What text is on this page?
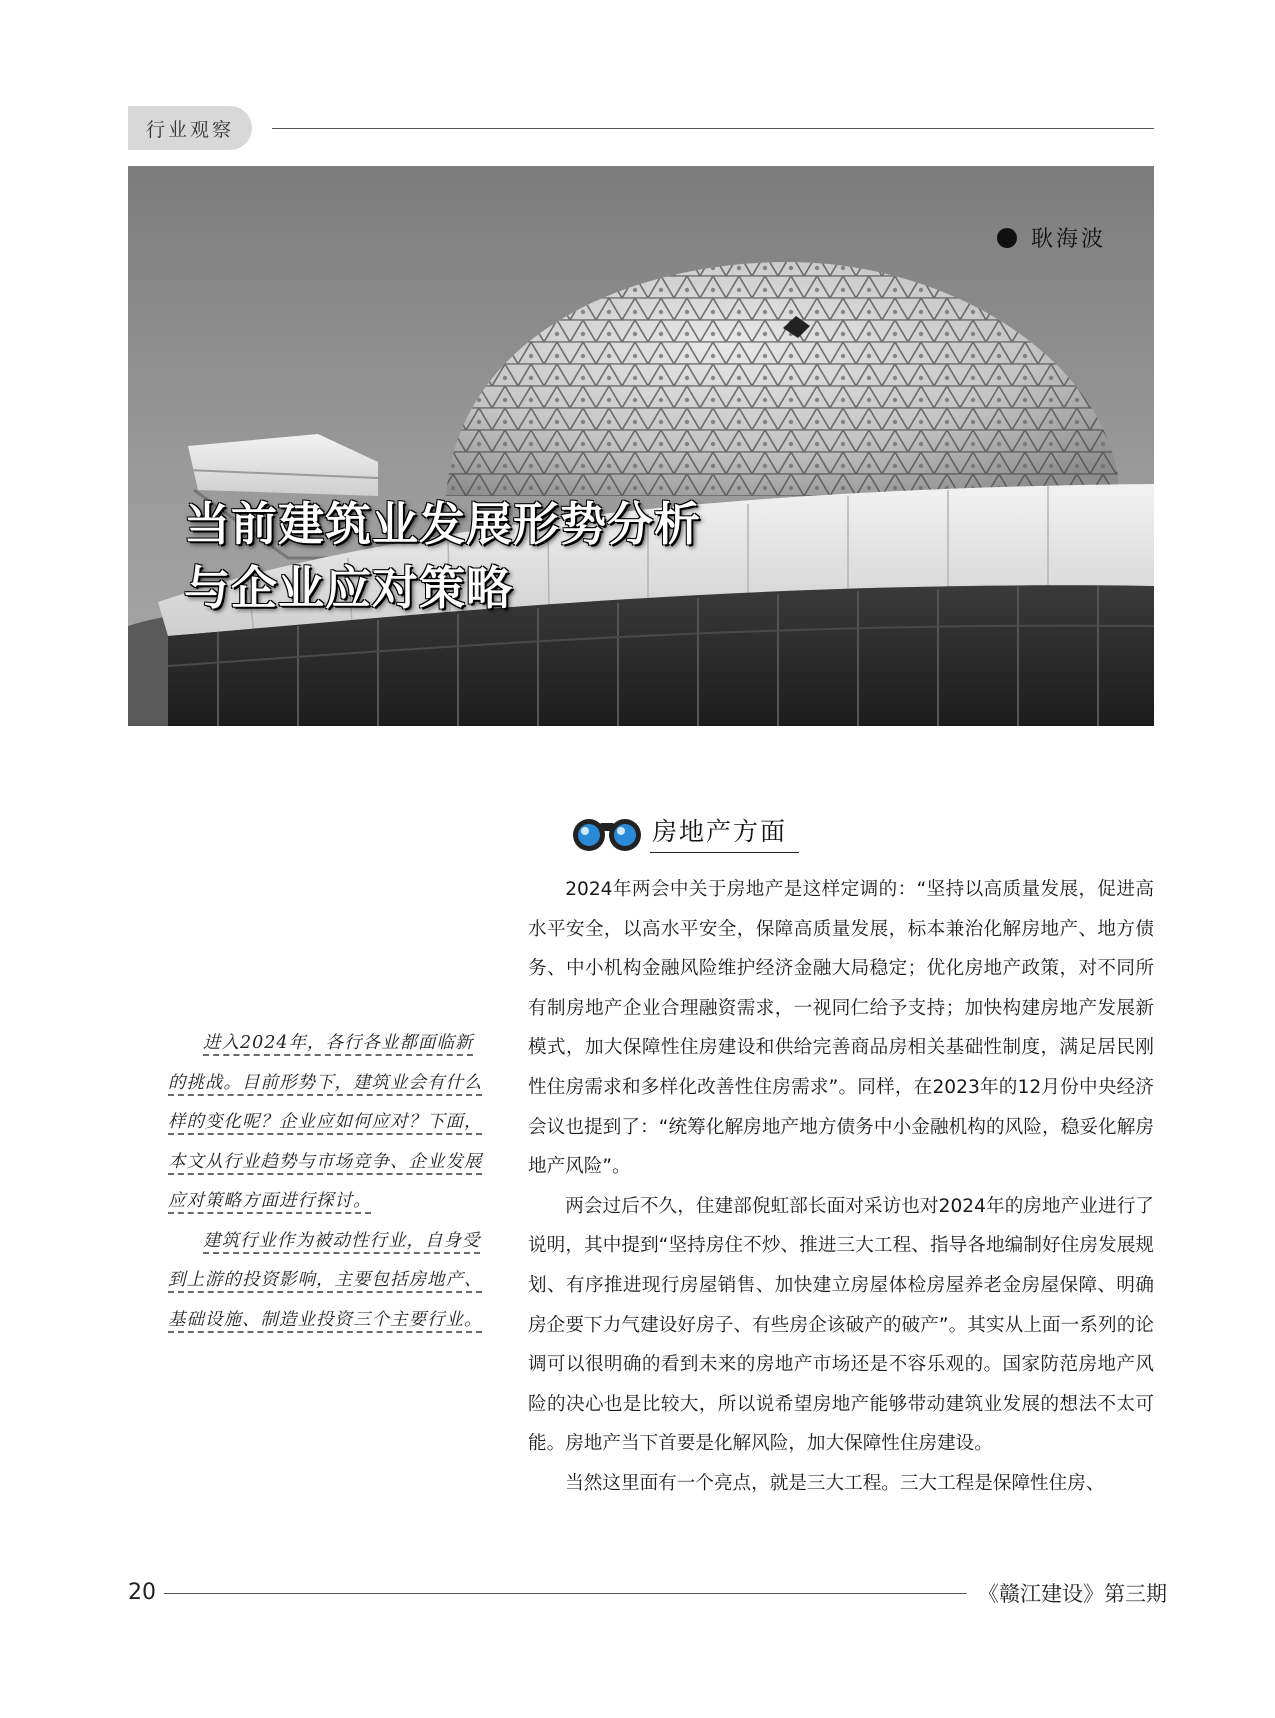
行业观察
耿海波
当前建筑业发展形势分析
与企业应对策略

进入2024年，各行各业都面临新的挑战。目前形势下，建筑业会有什么样的变化呢？企业应如何应对？下面，本文从行业趋势与市场竞争、企业发展应对策略方面进行探讨。

建筑行业作为被动性行业，自身受到上游的投资影响，主要包括房地产、基础设施、制造业投资三个主要行业。

房地产方面

2024年两会中关于房地产是这样定调的：“坚持以高质量发展，促进高水平安全，以高水平安全，保障高质量发展，标本兼治化解房地产、地方债务、中小机构金融风险维护经济金融大局稳定；优化房地产政策，对不同所有制房地产企业合理融资需求，一视同仁给予支持；加快构建房地产发展新模式，加大保障性住房建设和供给完善商品房相关基础性制度，满足居民刚性住房需求和多样化改善性住房需求”。同样，在2023年的12月份中央经济会议也提到了：“统筹化解房地产地方债务中小金融机构的风险，稳妥化解房地产风险”。

两会过后不久，住建部倪虹部长面对采访也对2024年的房地产业进行了说明，其中提到“坚持房住不炒、推进三大工程、指导各地编制好住房发展规划、有序推进现行房屋销售、加快建立房屋体检房屋养老金房屋保障、明确房企要下力气建设好房子、有些房企该破产的破产”。其实从上面一系列的论调可以很明确的看到未来的房地产市场还是不容乐观的。国家防范房地产风险的决心也是比较大，所以说希望房地产能够带动建筑业发展的想法不太可能。房地产当下首要是化解风险，加大保障性住房建设。

当然这里面有一个亮点，就是三大工程。三大工程是保障性住房、

20	《赣江建设》第三期
